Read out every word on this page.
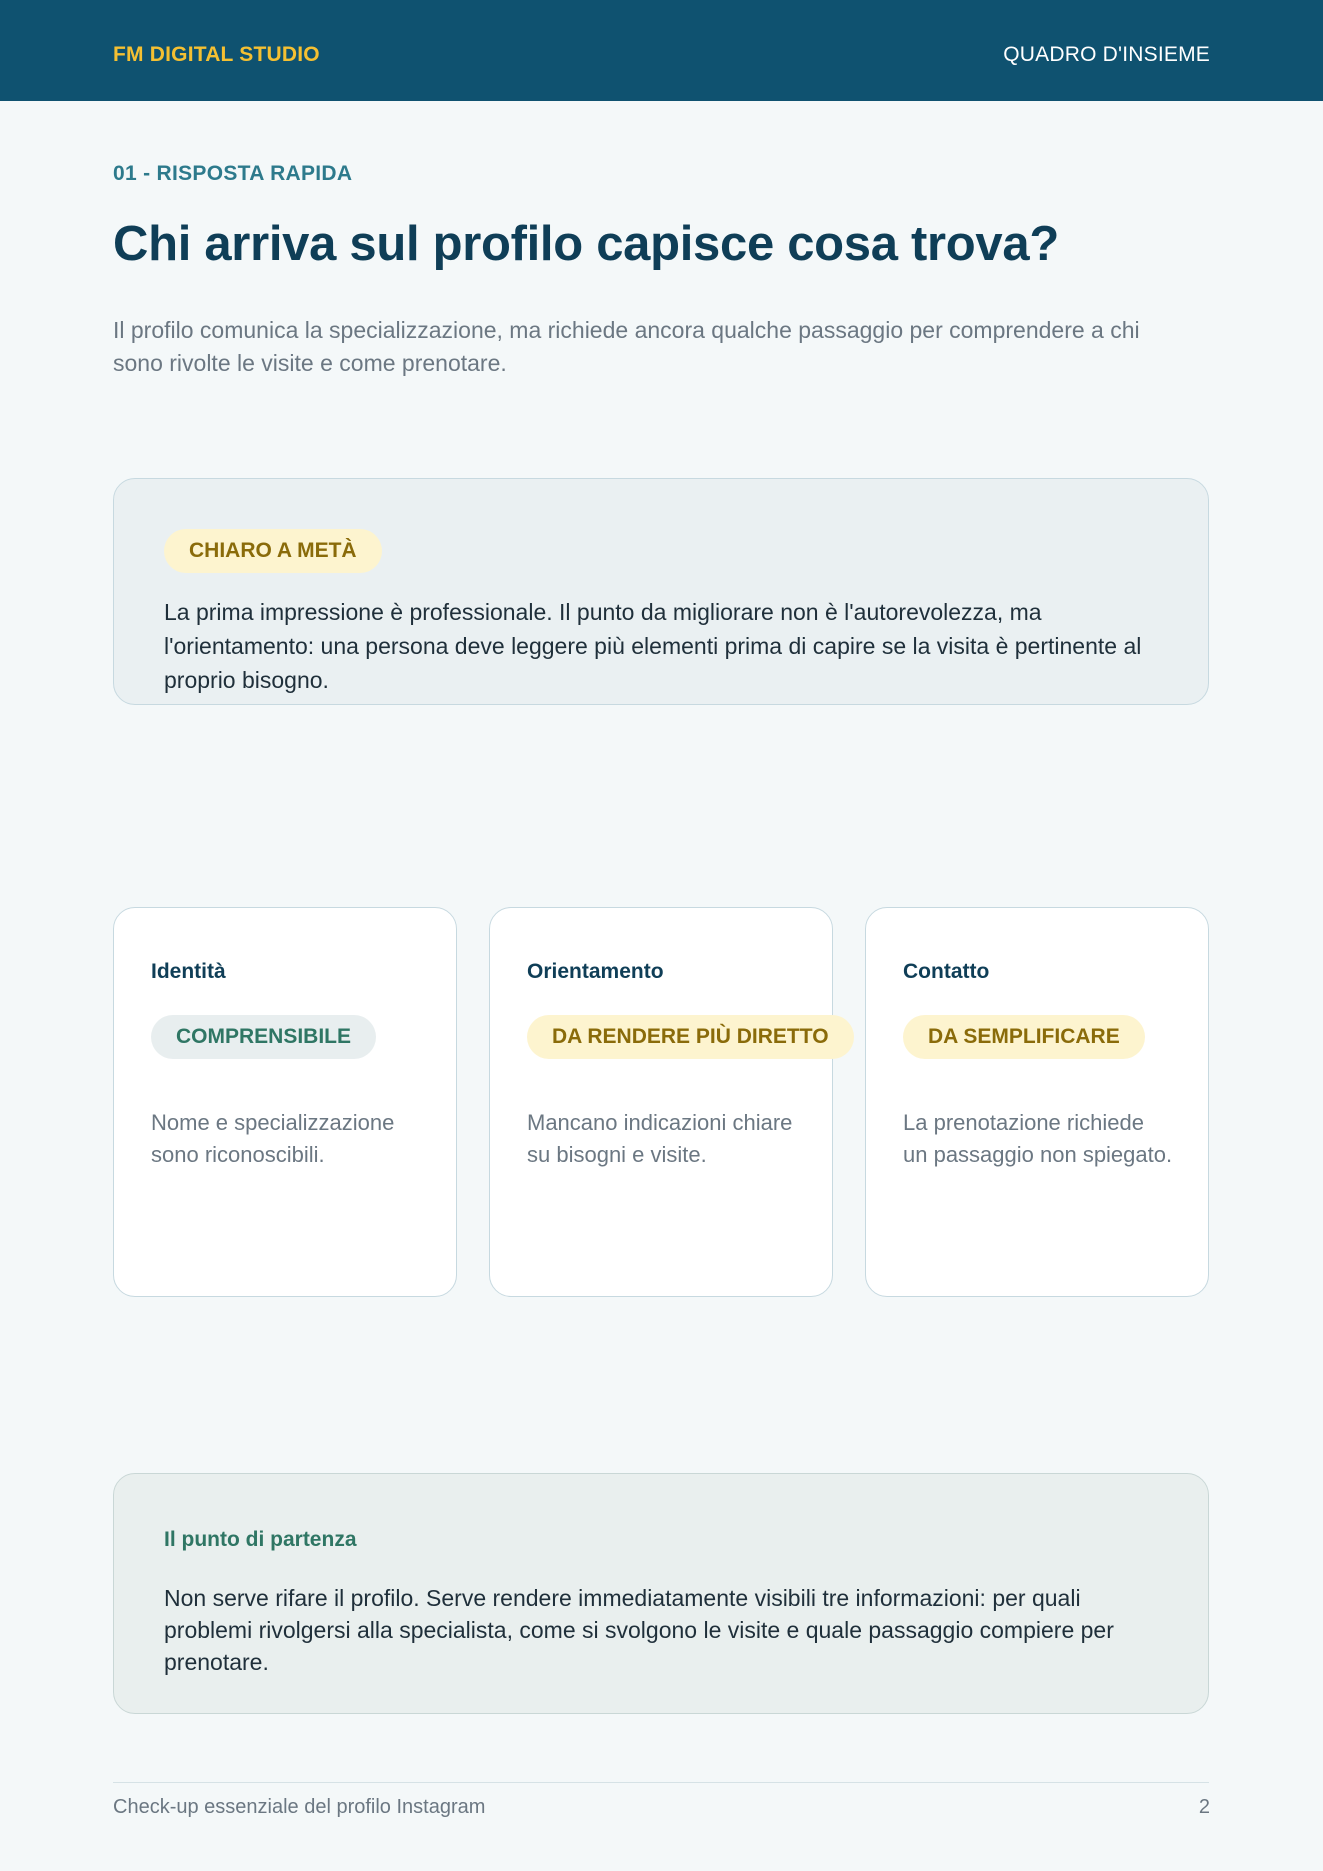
FM DIGITAL STUDIO	QUADRO D'INSIEME
01 - RISPOSTA RAPIDA
Chi arriva sul profilo capisce cosa trova?

Il profilo comunica la specializzazione, ma richiede ancora qualche passaggio per comprendere a chi sono rivolte le visite e come prenotare.

CHIARO A METÀ

La prima impressione è professionale. Il punto da migliorare non è l'autorevolezza, ma l'orientamento: una persona deve leggere più elementi prima di capire se la visita è pertinente al proprio bisogno.

Identità
COMPRENSIBILE

Nome e specializzazione sono riconoscibili.

Orientamento
DA RENDERE PIÙ DIRETTO

Mancano indicazioni chiare su bisogni e visite.

Contatto
DA SEMPLIFICARE

La prenotazione richiede un passaggio non spiegato.

Il punto di partenza

Non serve rifare il profilo. Serve rendere immediatamente visibili tre informazioni: per quali problemi rivolgersi alla specialista, come si svolgono le visite e quale passaggio compiere per prenotare.

Check-up essenziale del profilo Instagram	2
